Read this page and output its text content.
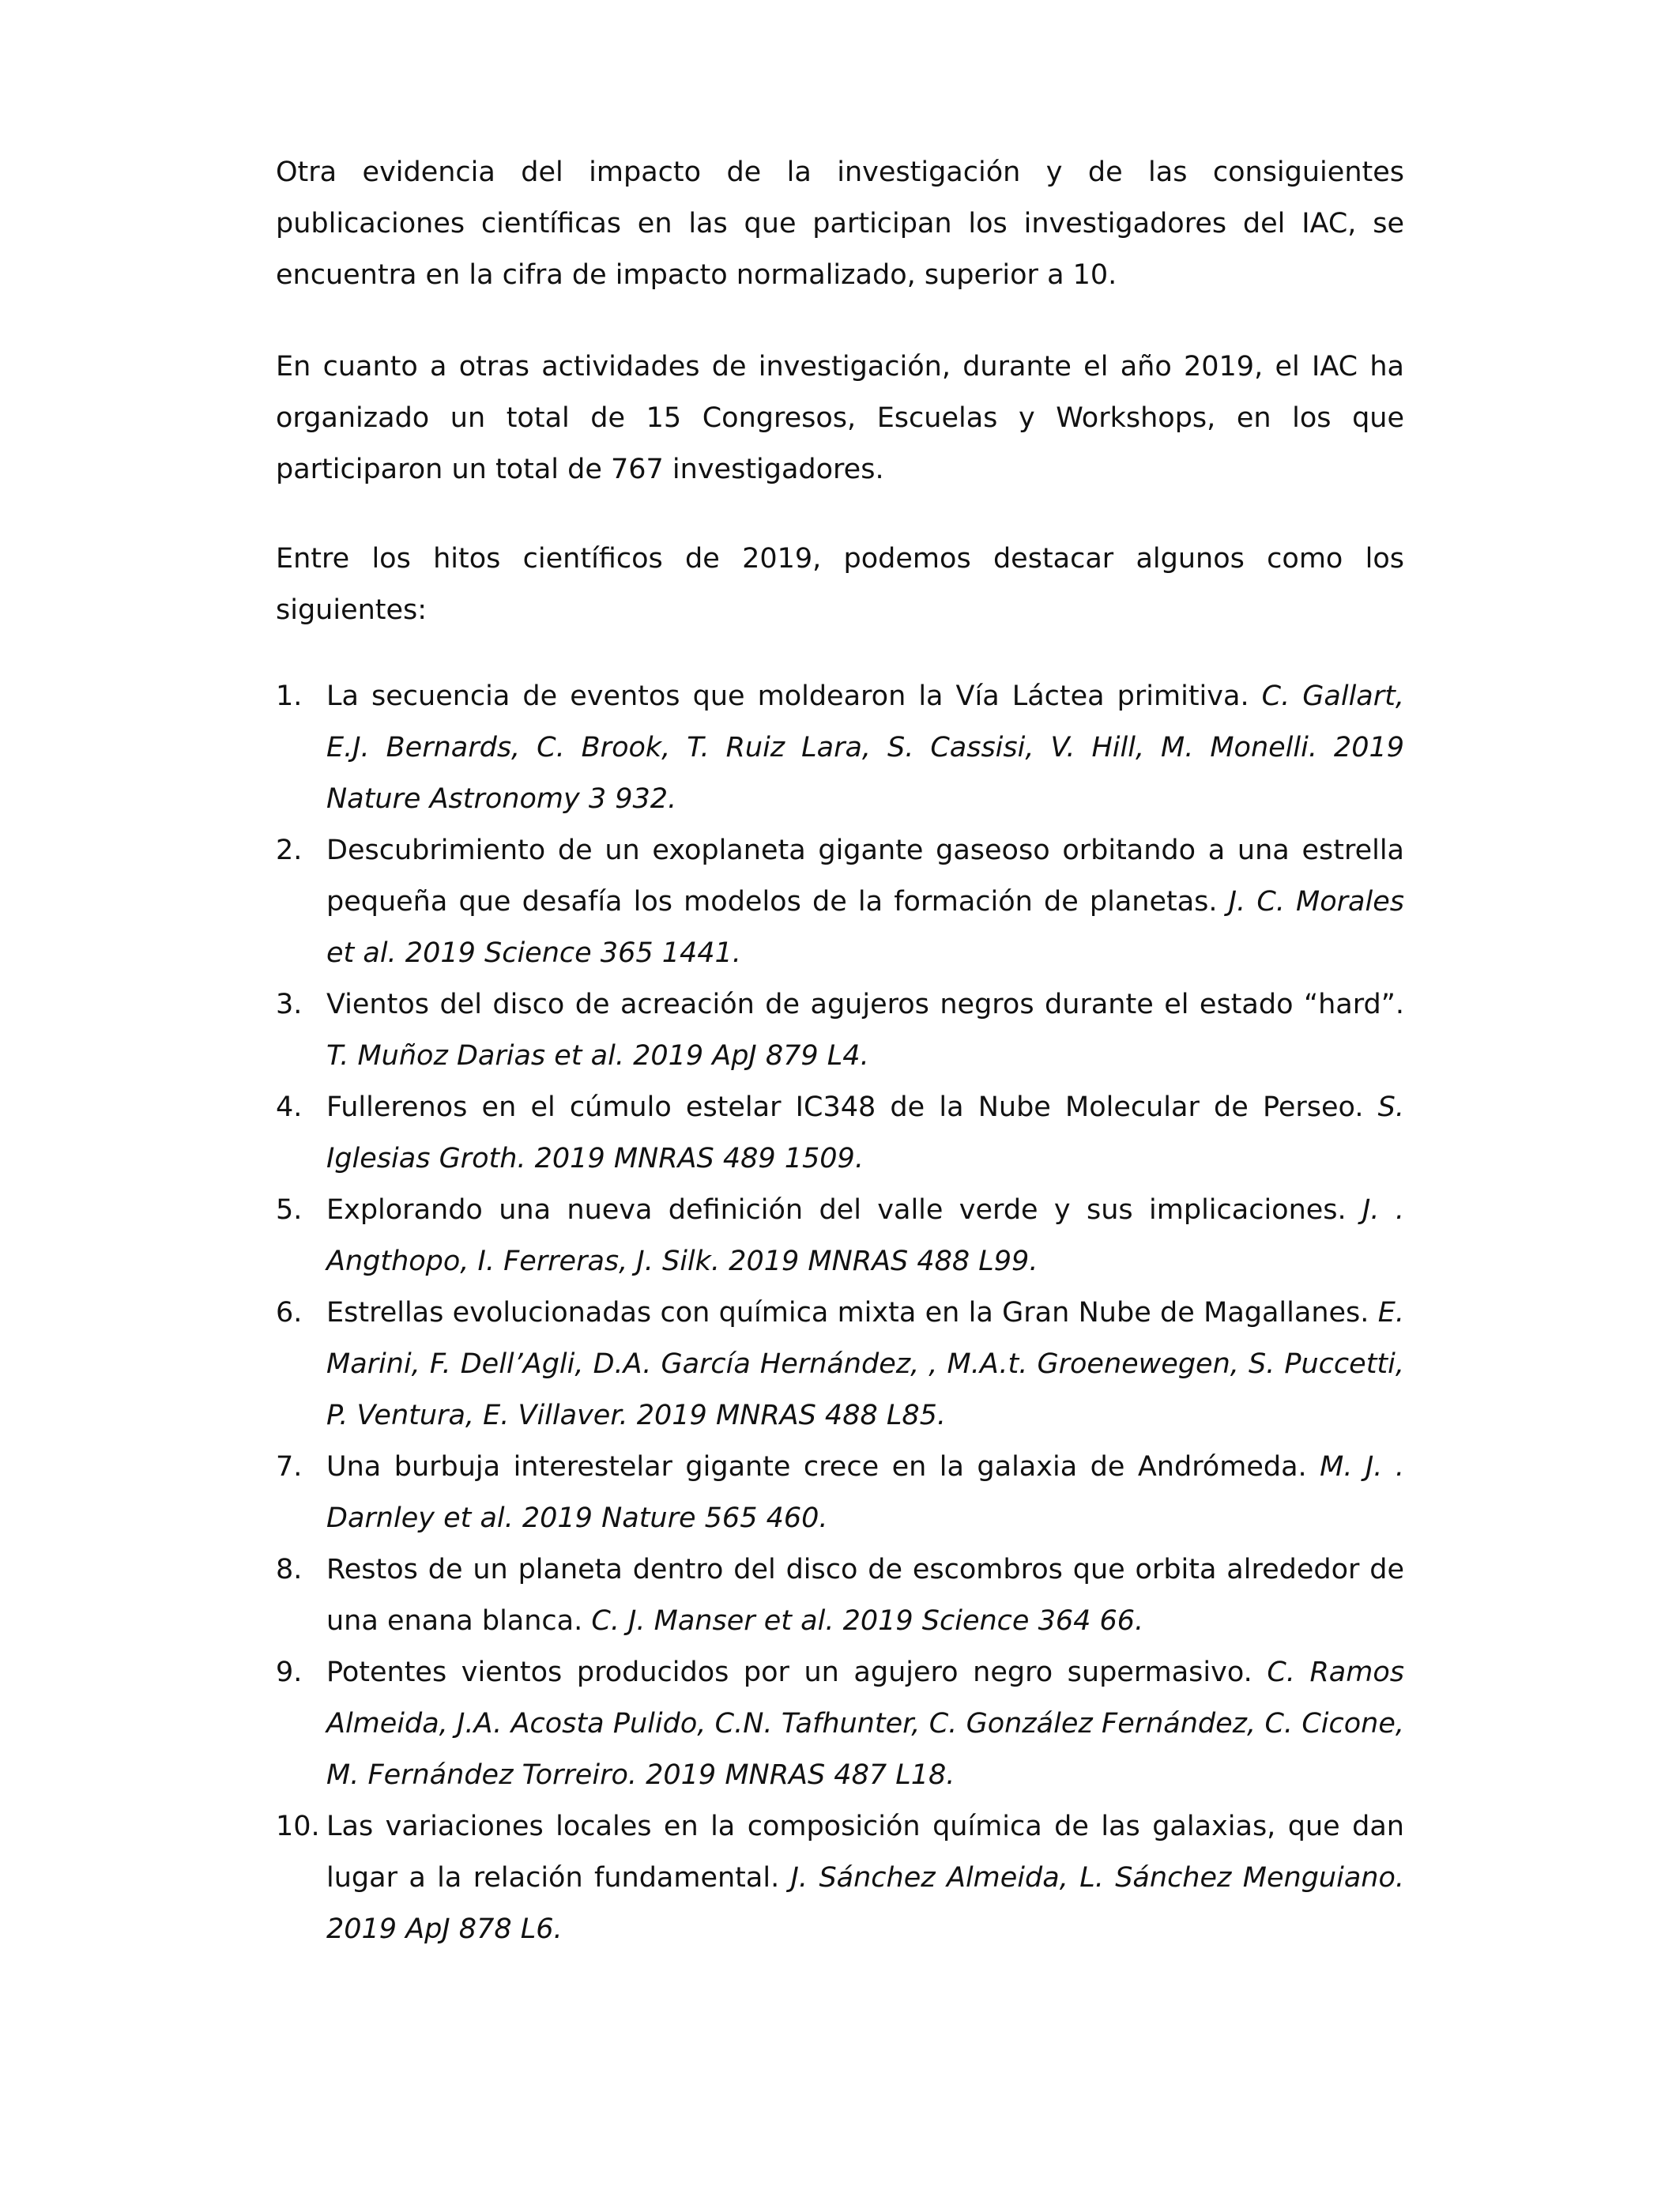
Otra evidencia del impacto de la investigación y de las consiguientes publicaciones científicas en las que participan los investigadores del IAC, se encuentra en la cifra de impacto normalizado, superior a 10.

En cuanto a otras actividades de investigación, durante el año 2019, el IAC ha organizado un total de 15 Congresos, Escuelas y Workshops, en los que participaron un total de 767 investigadores.

Entre los hitos científicos de 2019, podemos destacar algunos como los siguientes:

1. La secuencia de eventos que moldearon la Vía Láctea primitiva. C. Gallart, E.J. Bernards, C. Brook, T. Ruiz Lara, S. Cassisi, V. Hill, M. Monelli. 2019 Nature Astronomy 3 932.
2. Descubrimiento de un exoplaneta gigante gaseoso orbitando a una estrella pequeña que desafía los modelos de la formación de planetas. J. C. Morales et al. 2019 Science 365 1441.
3. Vientos del disco de acreación de agujeros negros durante el estado “hard”. T. Muñoz Darias et al. 2019 ApJ 879 L4.
4. Fullerenos en el cúmulo estelar IC348 de la Nube Molecular de Perseo. S. Iglesias Groth. 2019 MNRAS 489 1509.
5. Explorando una nueva definición del valle verde y sus implicaciones. J. . Angthopo, I. Ferreras, J. Silk. 2019 MNRAS 488 L99.
6. Estrellas evolucionadas con química mixta en la Gran Nube de Magallanes. E. Marini, F. Dell’Agli, D.A. García Hernández, , M.A.t. Groenewegen, S. Puccetti, P. Ventura, E. Villaver. 2019 MNRAS 488 L85.
7. Una burbuja interestelar gigante crece en la galaxia de Andrómeda. M. J. . Darnley et al. 2019 Nature 565 460.
8. Restos de un planeta dentro del disco de escombros que orbita alrededor de una enana blanca. C. J. Manser et al. 2019 Science 364 66.
9. Potentes vientos producidos por un agujero negro supermasivo. C. Ramos Almeida, J.A. Acosta Pulido, C.N. Tafhunter, C. González Fernández, C. Cicone, M. Fernández Torreiro. 2019 MNRAS 487 L18.
10. Las variaciones locales en la composición química de las galaxias, que dan lugar a la relación fundamental. J. Sánchez Almeida, L. Sánchez Menguiano. 2019 ApJ 878 L6.
